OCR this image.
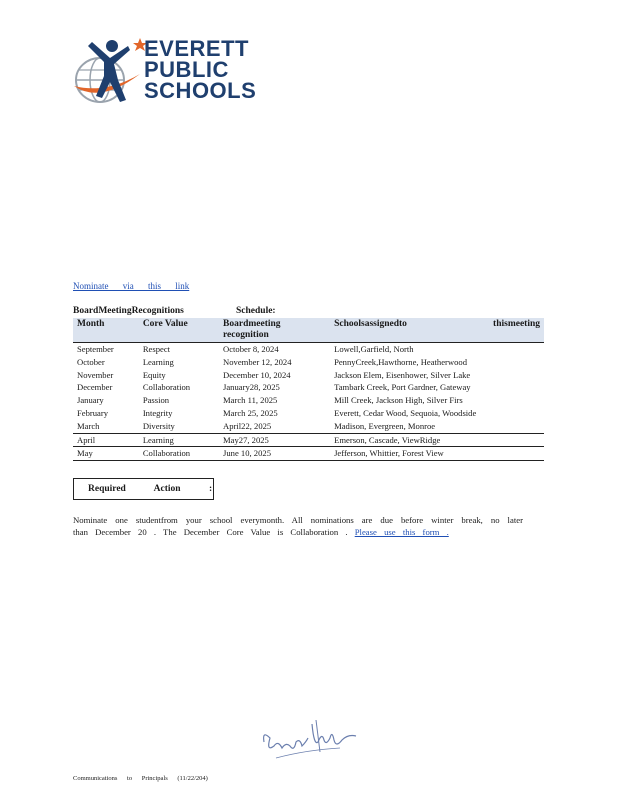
EVERETT
PUBLIC
SCHOOLS
Nominate via this link
BoardMeetingRecognitions	Schedule:
Month	Core Value	Boardmeeting recognition	Schoolsassignedto thismeeting

September	Respect	October 8, 2024	Lowell,Garfield, North
October	Learning	November 12, 2024	PennyCreek,Hawthorne, Heatherwood
November	Equity	December 10, 2024	Jackson Elem, Eisenhower, Silver Lake
December	Collaboration	January28, 2025	Tambark Creek, Port Gardner, Gateway
January	Passion	March 11, 2025	Mill Creek, Jackson High, Silver Firs
February	Integrity	March 25, 2025	Everett, Cedar Wood, Sequoia, Woodside
March	Diversity	April22, 2025	Madison, Evergreen, Monroe
April	Learning	May27, 2025	Emerson, Cascade, ViewRidge
May	Collaboration	June 10, 2025	Jefferson, Whittier, Forest View
Required Action :
Nominate one studentfrom your school everymonth. All nominations are due before winter break, no later than December 20 . The December Core Value is Collaboration . Please use this form .
Communications to Principals (11/22/204)
